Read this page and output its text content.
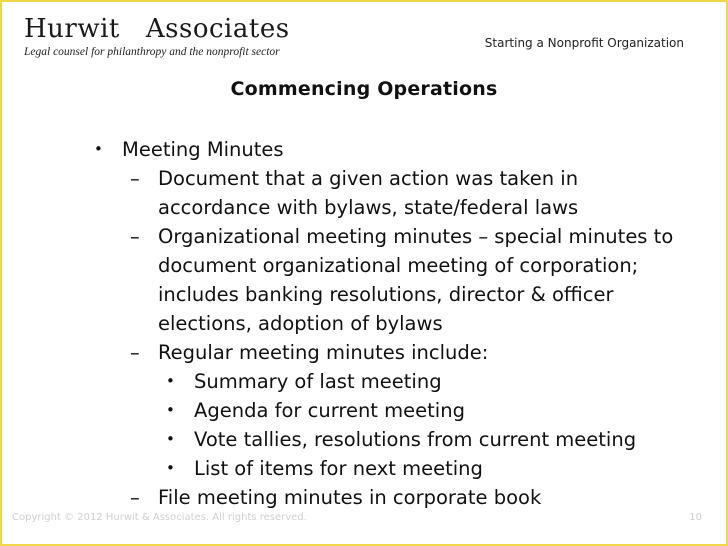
Hurwit Associates
Legal counsel for philanthropy and the nonprofit sector
Starting a Nonprofit Organization
Commencing Operations
• Meeting Minutes
– Document that a given action was taken in accordance with bylaws, state/federal laws
– Organizational meeting minutes – special minutes to document organizational meeting of corporation; includes banking resolutions, director & officer elections, adoption of bylaws
– Regular meeting minutes include:
• Summary of last meeting
• Agenda for current meeting
• Vote tallies, resolutions from current meeting
• List of items for next meeting
– File meeting minutes in corporate book
Copyright © 2012 Hurwit & Associates. All rights reserved.	10
